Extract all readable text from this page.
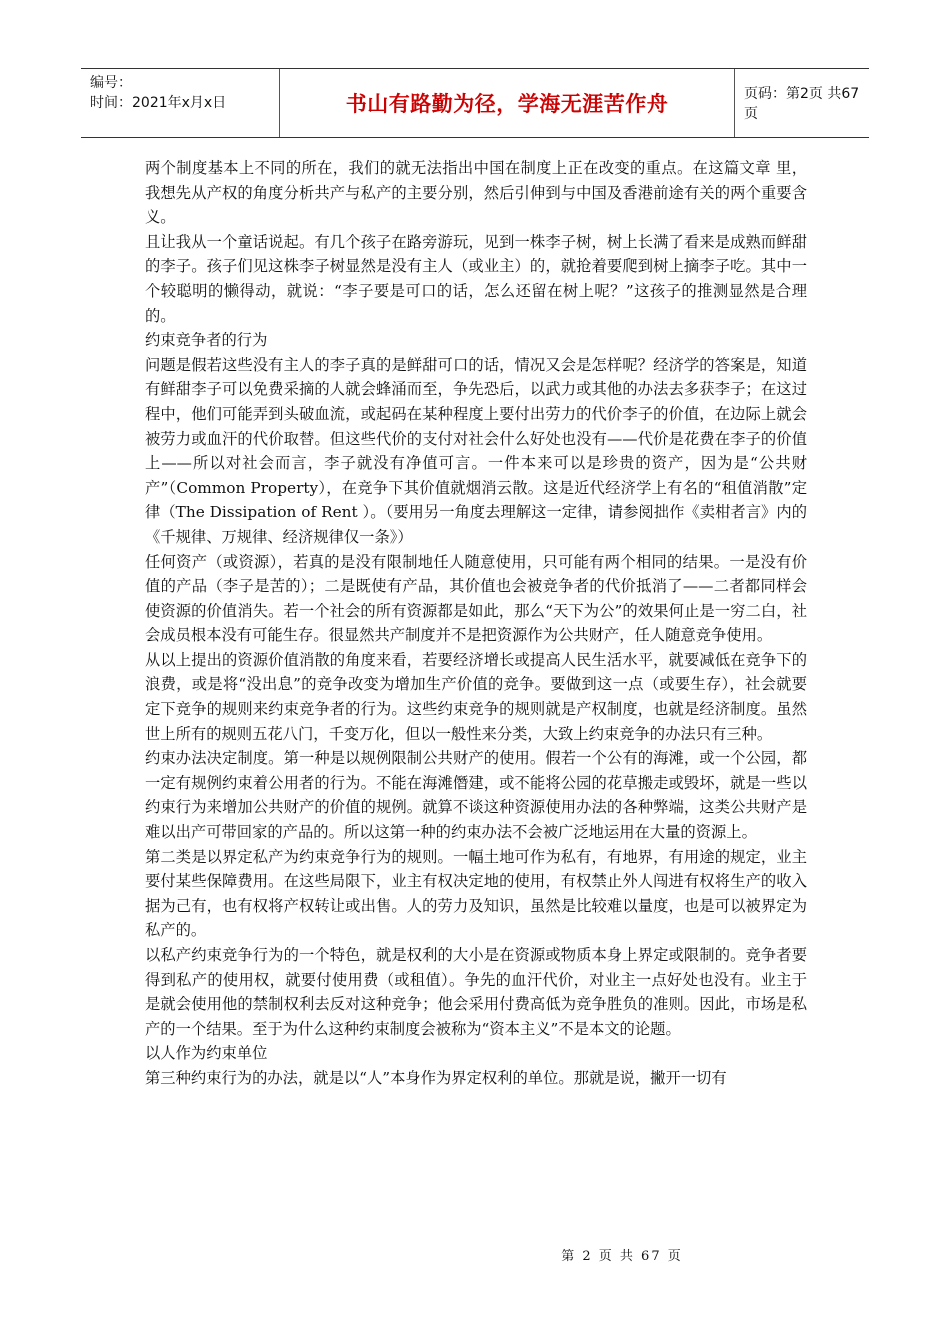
编号：
时间：2021年x月x日	书山有路勤为径，学海无涯苦作舟	页码：第2页 共67页

两个制度基本上不同的所在，我们的就无法指出中国在制度上正在改变的重点。在这篇文章 里，我想先从产权的角度分析共产与私产的主要分别，然后引伸到与中国及香港前途有关的两个重要含义。

且让我从一个童话说起。有几个孩子在路旁游玩，见到一株李子树，树上长满了看来是成熟而鲜甜的李子。孩子们见这株李子树显然是没有主人（或业主）的，就抢着要爬到树上摘李子吃。其中一个较聪明的懒得动，就说：“李子要是可口的话，怎么还留在树上呢？”这孩子的推测显然是合理的。

约束竞争者的行为

问题是假若这些没有主人的李子真的是鲜甜可口的话，情况又会是怎样呢？经济学的答案是，知道有鲜甜李子可以免费采摘的人就会蜂涌而至，争先恐后，以武力或其他的办法去多获李子；在这过程中，他们可能弄到头破血流，或起码在某种程度上要付出劳力的代价李子的价值，在边际上就会被劳力或血汗的代价取替。但这些代价的支付对社会什么好处也没有——代价是花费在李子的价值上——所以对社会而言，李子就没有净值可言。一件本来可以是珍贵的资产，因为是“公共财产”（Common Property），在竞争下其价值就烟消云散。这是近代经济学上有名的“租值消散”定律（The Dissipation of Rent ）。（要用另一角度去理解这一定律，请参阅拙作《卖柑者言》内的《千规律、万规律、经济规律仅一条》）

任何资产（或资源），若真的是没有限制地任人随意使用，只可能有两个相同的结果。一是没有价值的产品（李子是苦的）；二是既使有产品，其价值也会被竞争者的代价抵消了——二者都同样会使资源的价值消失。若一个社会的所有资源都是如此，那么“天下为公”的效果何止是一穷二白，社会成员根本没有可能生存。很显然共产制度并不是把资源作为公共财产，任人随意竞争使用。

从以上提出的资源价值消散的角度来看，若要经济增长或提高人民生活水平，就要减低在竞争下的浪费，或是将“没出息”的竞争改变为增加生产价值的竞争。要做到这一点（或要生存），社会就要定下竞争的规则来约束竞争者的行为。这些约束竞争的规则就是产权制度，也就是经济制度。虽然世上所有的规则五花八门，千变万化，但以一般性来分类，大致上约束竞争的办法只有三种。

约束办法决定制度。第一种是以规例限制公共财产的使用。假若一个公有的海滩，或一个公园，都一定有规例约束着公用者的行为。不能在海滩僭建，或不能将公园的花草搬走或毁坏，就是一些以约束行为来增加公共财产的价值的规例。就算不谈这种资源使用办法的各种弊端，这类公共财产是难以出产可带回家的产品的。所以这第一种的约束办法不会被广泛地运用在大量的资源上。

第二类是以界定私产为约束竞争行为的规则。一幅土地可作为私有，有地界，有用途的规定，业主要付某些保障费用。在这些局限下，业主有权决定地的使用，有权禁止外人闯进有权将生产的收入据为己有，也有权将产权转让或出售。人的劳力及知识，虽然是比较难以量度，也是可以被界定为私产的。

以私产约束竞争行为的一个特色，就是权利的大小是在资源或物质本身上界定或限制的。竞争者要得到私产的使用权，就要付使用费（或租值）。争先的血汗代价，对业主一点好处也没有。业主于是就会使用他的禁制权利去反对这种竞争；他会采用付费高低为竞争胜负的准则。因此，市场是私产的一个结果。至于为什么这种约束制度会被称为“资本主义”不是本文的论题。

以人作为约束单位

第三种约束行为的办法，就是以“人”本身作为界定权利的单位。那就是说，撇开一切有

第 2 页 共 67 页
